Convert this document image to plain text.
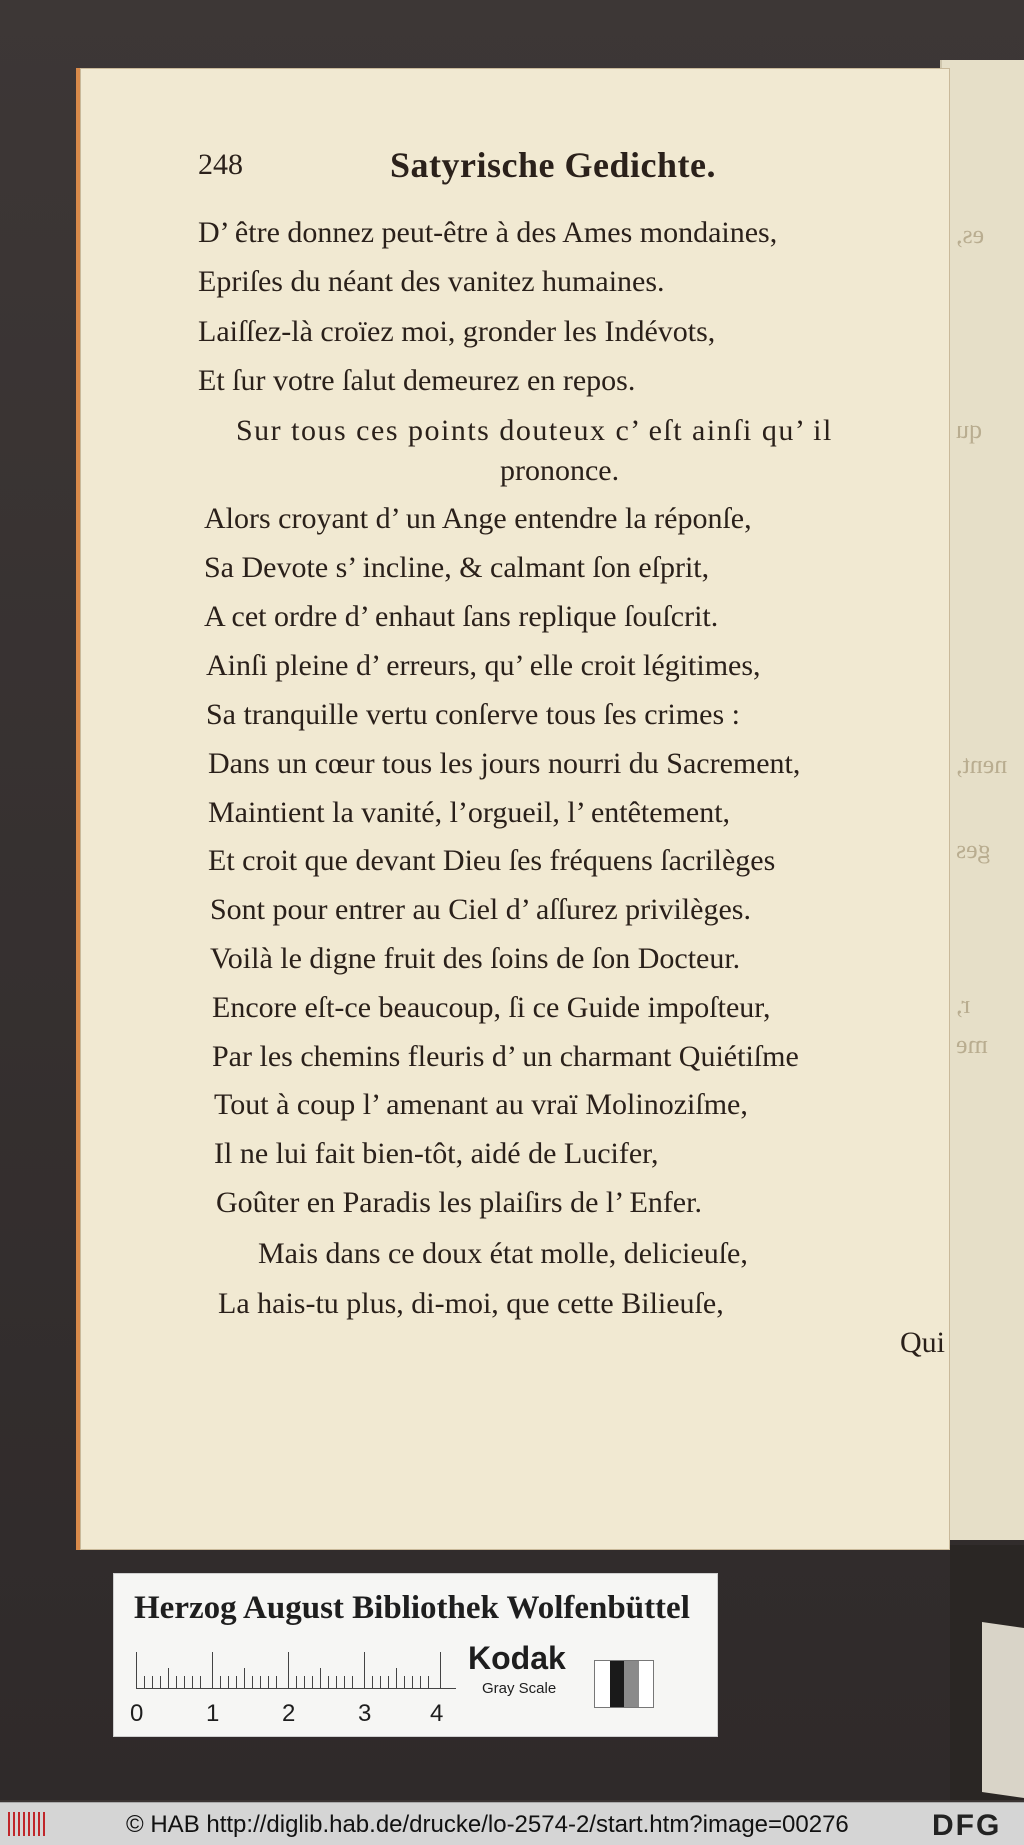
es,
qu
nent,
ges
r,
me
248	Satyrische Gedichte.
D’ être donnez peut-être à des Ames mondaines,
Epriſes du néant des vanitez humaines.
Laiſſez-là croïez moi, gronder les Indévots,
Et ſur votre ſalut demeurez en repos.
Sur tous ces points douteux c’ eſt ainſi qu’ il
prononce.
Alors croyant d’ un Ange entendre la réponſe,
Sa Devote s’ incline, & calmant ſon eſprit,
A cet ordre d’ enhaut ſans replique ſouſcrit.
Ainſi pleine d’ erreurs, qu’ elle croit légitimes,
Sa tranquille vertu conſerve tous ſes crimes :
Dans un cœur tous les jours nourri du Sacrement,
Maintient la vanité, l’orgueil, l’ entêtement,
Et croit que devant Dieu ſes fréquens ſacrilèges
Sont pour entrer au Ciel d’ aſſurez privilèges.
Voilà le digne fruit des ſoins de ſon Docteur.
Encore eſt-ce beaucoup, ſi ce Guide impoſteur,
Par les chemins fleuris d’ un charmant Quiétiſme
Tout à coup l’ amenant au vraï Molinoziſme,
Il ne lui fait bien-tôt, aidé de Lucifer,
Goûter en Paradis les plaiſirs de l’ Enfer.
Mais dans ce doux état molle, delicieuſe,
La hais-tu plus, di-moi, que cette Bilieuſe,
Qui
Herzog August Bibliothek Wolfenbüttel
0	1	2	3 4
Kodak
Gray Scale
© HAB http://diglib.hab.de/drucke/lo-2574-2/start.htm?image=00276	DFG
